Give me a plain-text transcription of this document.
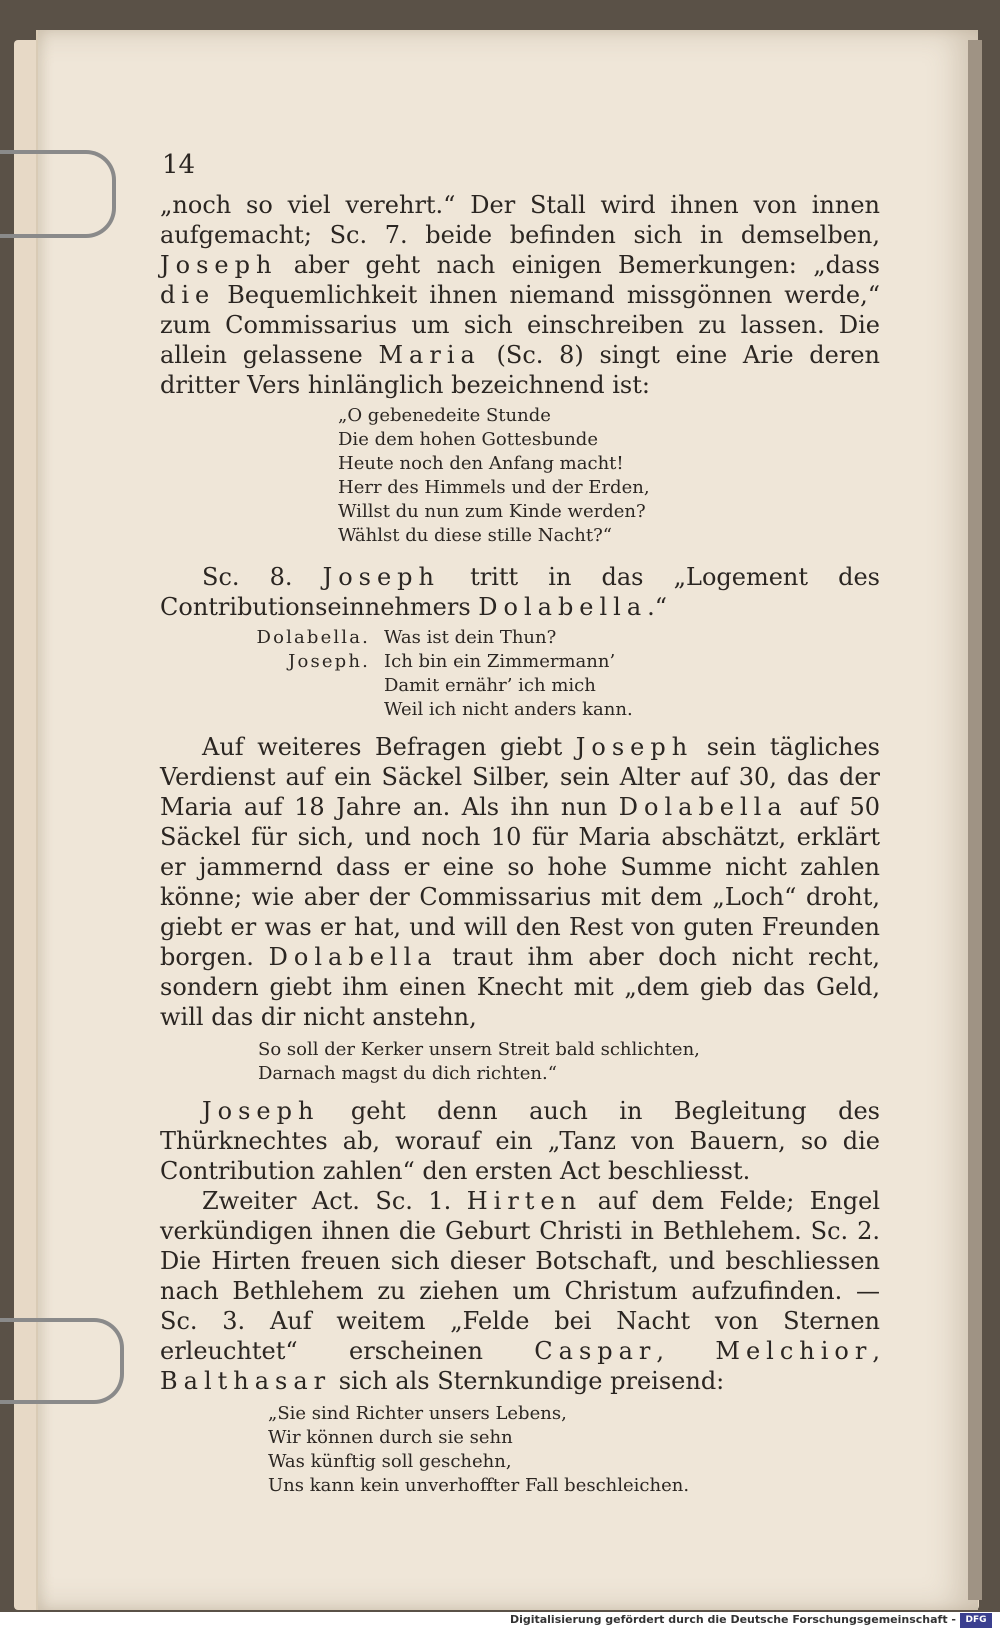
14

„noch so viel verehrt.“ Der Stall wird ihnen von innen aufgemacht; Sc. 7. beide befinden sich in demselben, Joseph aber geht nach einigen Bemerkungen: „dass die Bequemlichkeit ihnen niemand missgönnen werde,“ zum Commissarius um sich einschreiben zu lassen. Die allein gelassene Maria (Sc. 8) singt eine Arie deren dritter Vers hinlänglich bezeichnend ist:

„O gebenedeite Stunde
Die dem hohen Gottesbunde
Heute noch den Anfang macht!
Herr des Himmels und der Erden,
Willst du nun zum Kinde werden?
Wählst du diese stille Nacht?“

Sc. 8. Joseph tritt in das „Logement des Contributionseinnehmers Dolabella.“

Dolabella. Was ist dein Thun?
Joseph. Ich bin ein Zimmermann’
Damit ernähr’ ich mich
Weil ich nicht anders kann.

Auf weiteres Befragen giebt Joseph sein tägliches Verdienst auf ein Säckel Silber, sein Alter auf 30, das der Maria auf 18 Jahre an. Als ihn nun Dolabella auf 50 Säckel für sich, und noch 10 für Maria abschätzt, erklärt er jammernd dass er eine so hohe Summe nicht zahlen könne; wie aber der Commissarius mit dem „Loch“ droht, giebt er was er hat, und will den Rest von guten Freunden borgen. Dolabella traut ihm aber doch nicht recht, sondern giebt ihm einen Knecht mit „dem gieb das Geld, will das dir nicht anstehn,

So soll der Kerker unsern Streit bald schlichten,
Darnach magst du dich richten.“

Joseph geht denn auch in Begleitung des Thürknechtes ab, worauf ein „Tanz von Bauern, so die Contribution zahlen“ den ersten Act beschliesst.

Zweiter Act. Sc. 1. Hirten auf dem Felde; Engel verkündigen ihnen die Geburt Christi in Bethlehem. Sc. 2. Die Hirten freuen sich dieser Botschaft, und beschliessen nach Bethlehem zu ziehen um Christum aufzufinden. — Sc. 3. Auf weitem „Felde bei Nacht von Sternen erleuchtet“ erscheinen Caspar, Melchior, Balthasar sich als Sternkundige preisend:

„Sie sind Richter unsers Lebens,
Wir können durch sie sehn
Was künftig soll geschehn,
Uns kann kein unverhoffter Fall beschleichen.
Digitalisierung gefördert durch die Deutsche Forschungsgemeinschaft -	DFG
